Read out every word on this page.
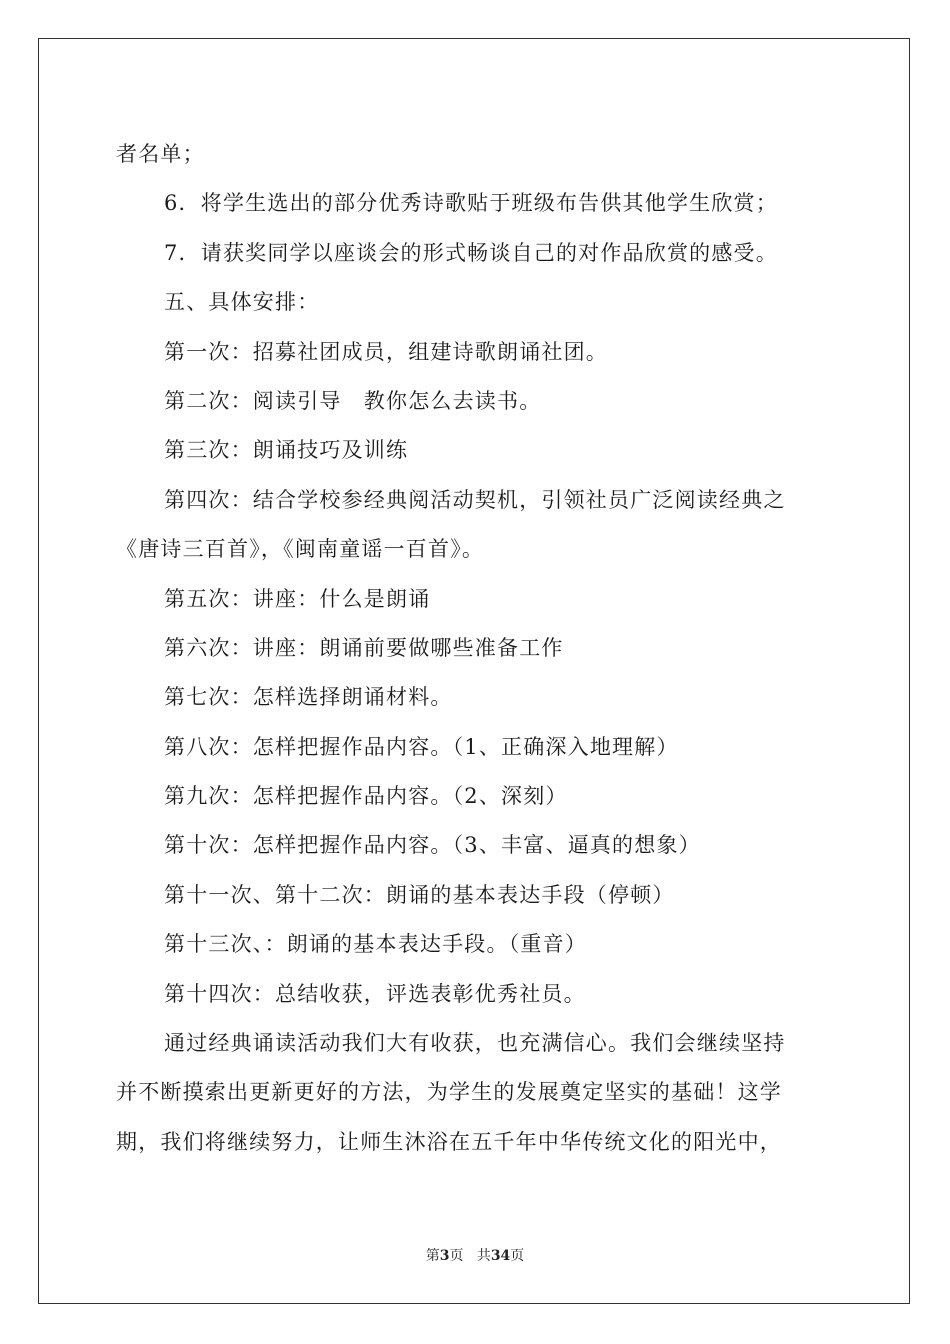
者名单；
6．将学生选出的部分优秀诗歌贴于班级布告供其他学生欣赏；
7．请获奖同学以座谈会的形式畅谈自己的对作品欣赏的感受。
五、具体安排：
第一次：招募社团成员，组建诗歌朗诵社团。
第二次：阅读引导　教你怎么去读书。
第三次：朗诵技巧及训练
第四次：结合学校参经典阅活动契机，引领社员广泛阅读经典之
《唐诗三百首》，《闽南童谣一百首》。
第五次：讲座：什么是朗诵
第六次：讲座：朗诵前要做哪些准备工作
第七次：怎样选择朗诵材料。
第八次：怎样把握作品内容。（1、正确深入地理解）
第九次：怎样把握作品内容。（2、深刻）
第十次：怎样把握作品内容。（3、丰富、逼真的想象）
第十一次、第十二次：朗诵的基本表达手段（停顿）
第十三次、：朗诵的基本表达手段。（重音）
第十四次：总结收获，评选表彰优秀社员。
通过经典诵读活动我们大有收获，也充满信心。我们会继续坚持
并不断摸索出更新更好的方法，为学生的发展奠定坚实的基础！这学
期，我们将继续努力，让师生沐浴在五千年中华传统文化的阳光中，
第3页 共34页
